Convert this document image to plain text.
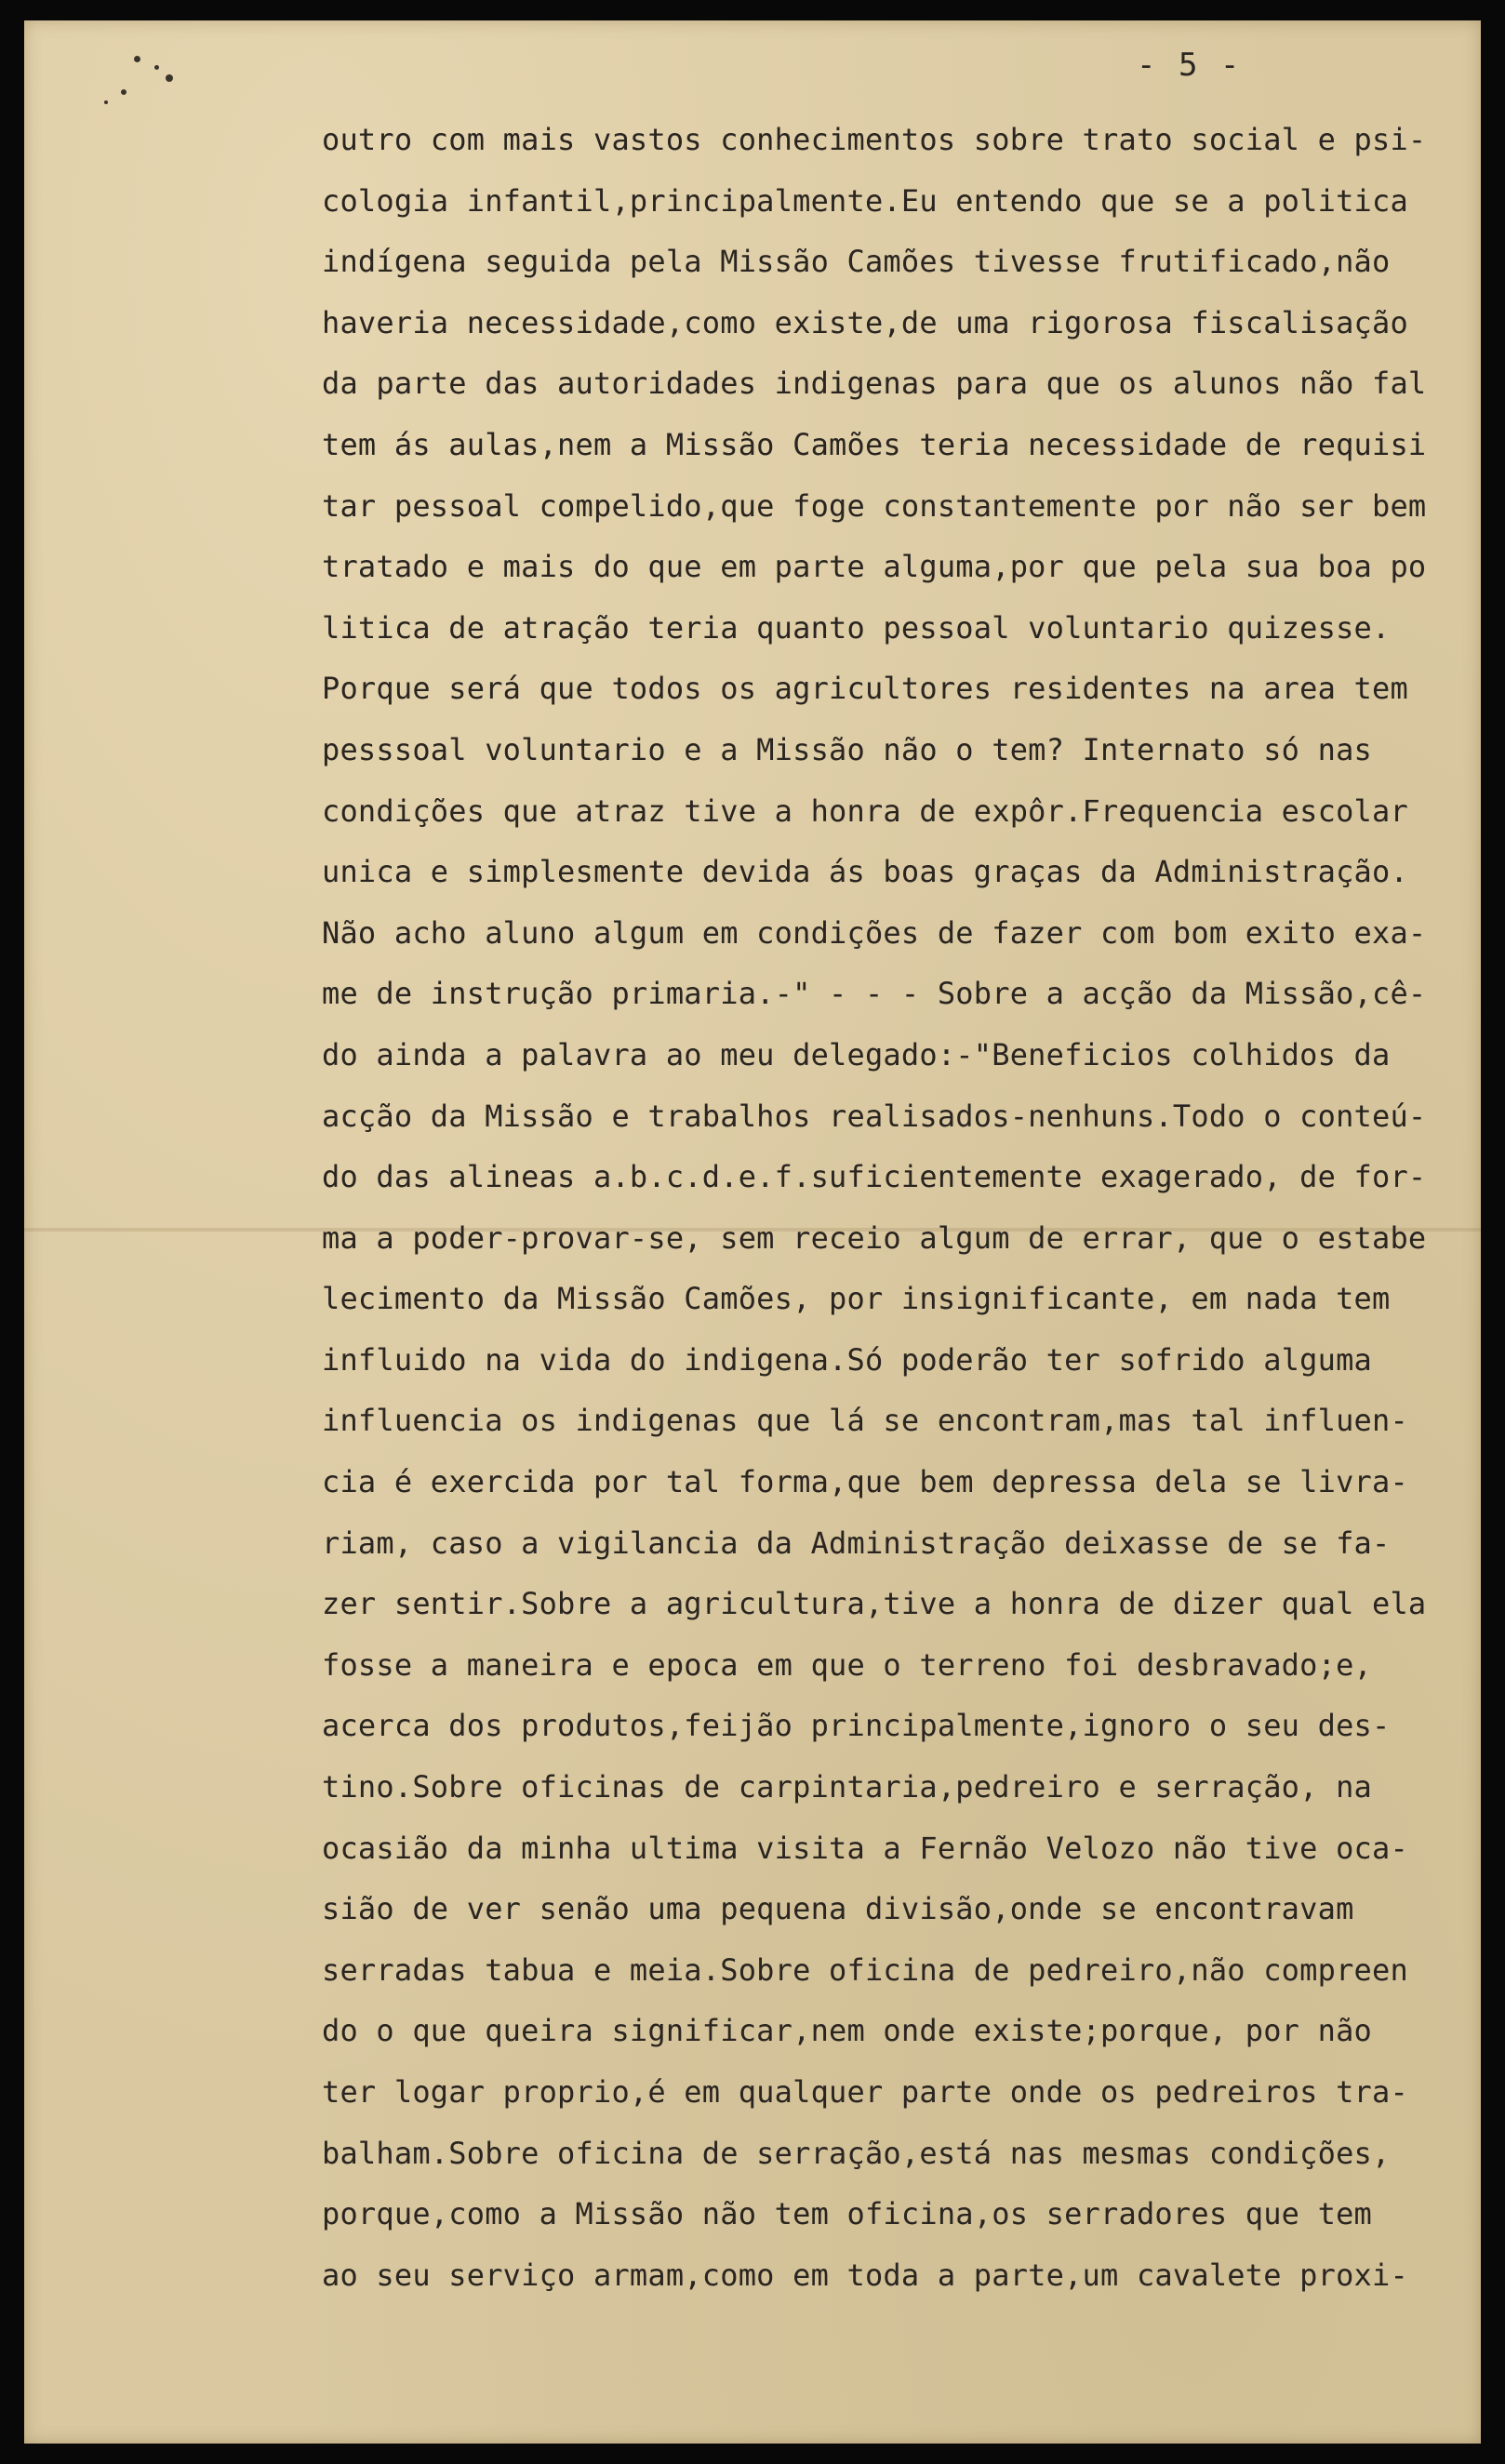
- 5 -
outro com mais vastos conhecimentos sobre trato social e psi-
cologia infantil,principalmente.Eu entendo que se a politica
indígena seguida pela Missão Camões tivesse frutificado,não
haveria necessidade,como existe,de uma rigorosa fiscalisação
da parte das autoridades indigenas para que os alunos não fal
tem ás aulas,nem a Missão Camões teria necessidade de requisi
tar pessoal compelido,que foge constantemente por não ser bem
tratado e mais do que em parte alguma,por que pela sua boa po
litica de atração teria quanto pessoal voluntario quizesse.
Porque será que todos os agricultores residentes na area tem
pesssoal voluntario e a Missão não o tem? Internato só nas
condições que atraz tive a honra de expôr.Frequencia escolar
unica e simplesmente devida ás boas graças da Administração.
Não acho aluno algum em condições de fazer com bom exito exa-
me de instrução primaria.-" - - - Sobre a acção da Missão,cê-
do ainda a palavra ao meu delegado:-"Beneficios colhidos da
acção da Missão e trabalhos realisados-nenhuns.Todo o conteú-
do das alineas a.b.c.d.e.f.suficientemente exagerado, de for-
ma a poder-provar-se, sem receio algum de errar, que o estabe
lecimento da Missão Camões, por insignificante, em nada tem
influido na vida do indigena.Só poderão ter sofrido alguma
influencia os indigenas que lá se encontram,mas tal influen-
cia é exercida por tal forma,que bem depressa dela se livra-
riam, caso a vigilancia da Administração deixasse de se fa-
zer sentir.Sobre a agricultura,tive a honra de dizer qual ela
fosse a maneira e epoca em que o terreno foi desbravado;e,
acerca dos produtos,feijão principalmente,ignoro o seu des-
tino.Sobre oficinas de carpintaria,pedreiro e serração, na
ocasião da minha ultima visita a Fernão Velozo não tive oca-
sião de ver senão uma pequena divisão,onde se encontravam
serradas tabua e meia.Sobre oficina de pedreiro,não compreen
do o que queira significar,nem onde existe;porque, por não
ter logar proprio,é em qualquer parte onde os pedreiros tra-
balham.Sobre oficina de serração,está nas mesmas condições,
porque,como a Missão não tem oficina,os serradores que tem
ao seu serviço armam,como em toda a parte,um cavalete proxi-
